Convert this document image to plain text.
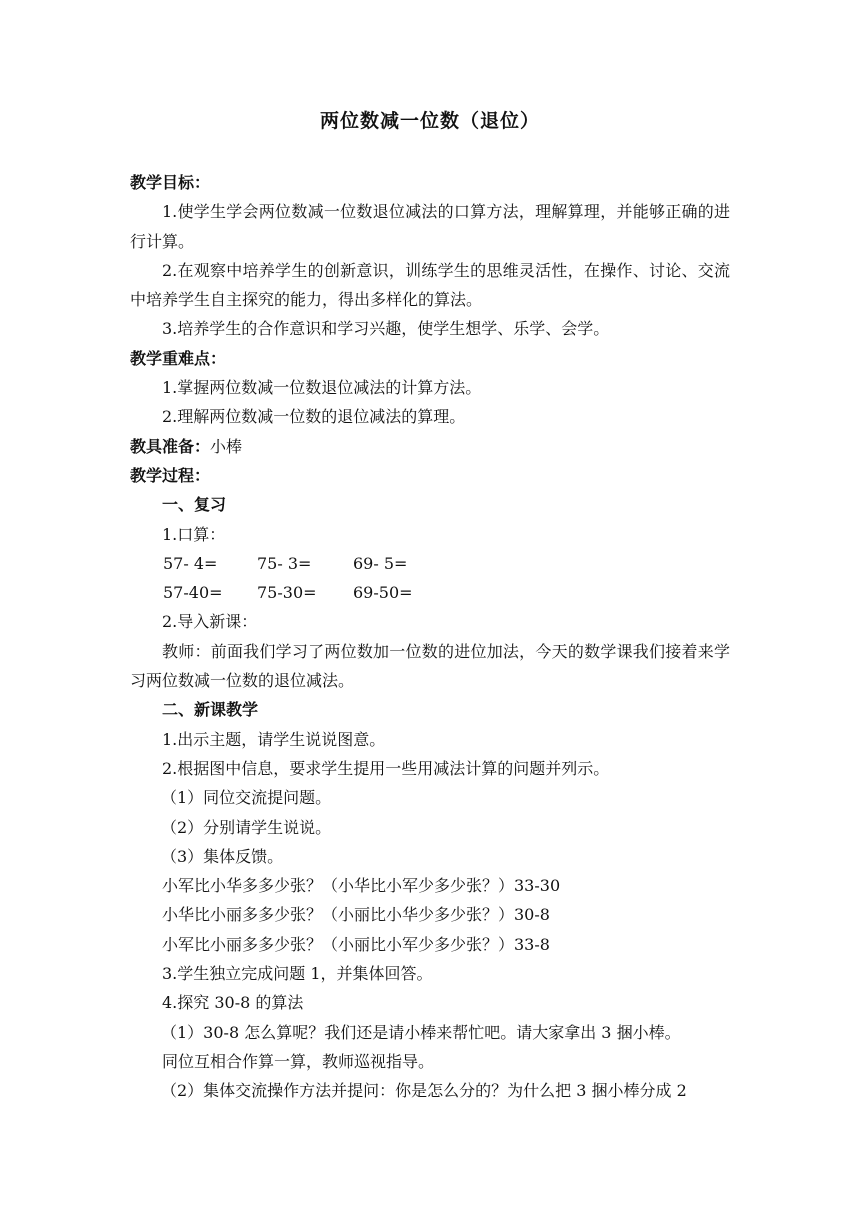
两位数减一位数（退位）
教学目标：
1.使学生学会两位数减一位数退位减法的口算方法，理解算理，并能够正确的进行计算。
2.在观察中培养学生的创新意识，训练学生的思维灵活性，在操作、讨论、交流中培养学生自主探究的能力，得出多样化的算法。
3.培养学生的合作意识和学习兴趣，使学生想学、乐学、会学。
教学重难点：
1.掌握两位数减一位数退位减法的计算方法。
2.理解两位数减一位数的退位减法的算理。
教具准备：小棒
教学过程：
一、复习
1.口算：
57- 4=	75- 3=	69- 5=
57-40=	75-30=	69-50=
2.导入新课：
教师：前面我们学习了两位数加一位数的进位加法，今天的数学课我们接着来学习两位数减一位数的退位减法。
二、新课教学
1.出示主题，请学生说说图意。
2.根据图中信息，要求学生提用一些用减法计算的问题并列示。
（1）同位交流提问题。
（2）分别请学生说说。
（3）集体反馈。
小军比小华多多少张？（小华比小军少多少张？）33-30
小华比小丽多多少张？（小丽比小华少多少张？）30-8
小军比小丽多多少张？（小丽比小军少多少张？）33-8
3.学生独立完成问题 1，并集体回答。
4.探究 30-8 的算法
（1）30-8 怎么算呢？我们还是请小棒来帮忙吧。请大家拿出 3 捆小棒。
同位互相合作算一算，教师巡视指导。
（2）集体交流操作方法并提问：你是怎么分的？为什么把 3 捆小棒分成 2
